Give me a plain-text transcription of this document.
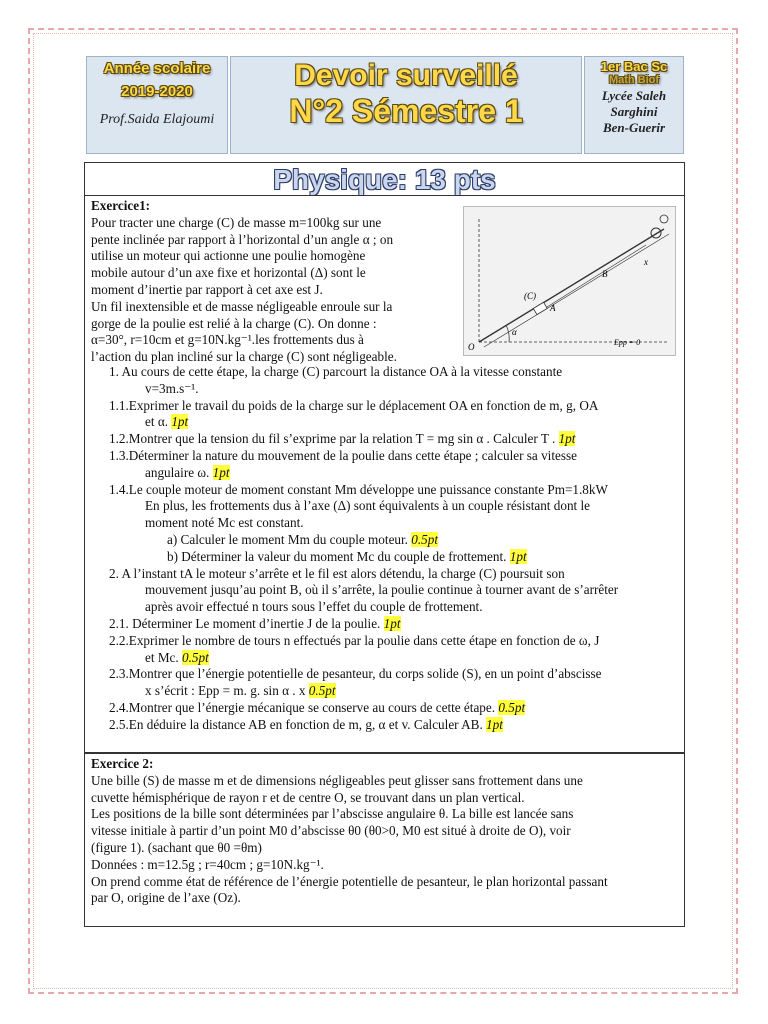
Année scolaire
2019-2020
Prof.Saida Elajoumi
Devoir surveillé
N°2 Sémestre 1
1er Bac Sc
Math Biof
Lycée Saleh
Sarghini
Ben-Guerir
Physique: 13 pts

Exercice1:

Pour tracter une charge (C) de masse m=100kg sur une

pente inclinée par rapport à l’horizontal d’un angle α ; on

utilise un moteur qui actionne une poulie homogène

mobile autour d’un axe fixe et horizontal (Δ) sont le

moment d’inertie par rapport à cet axe est J.

Un fil inextensible et de masse négligeable enroule sur la

gorge de la poulie est relié à la charge (C). On donne :

α=30°, r=10cm et g=10N.kg⁻¹.les frottements dus à

l’action du plan incliné sur la charge (C) sont négligeable.

(C)
A
B
x
O
α
Epp = 0

1. Au cours de cette étape, la charge (C) parcourt la distance OA à la vitesse constante

v=3m.s⁻¹.

1.1.Exprimer le travail du poids de la charge sur le déplacement OA en fonction de m, g, OA

et α. 1pt

1.2.Montrer que la tension du fil s’exprime par la relation T = mg sin α . Calculer T . 1pt

1.3.Déterminer la nature du mouvement de la poulie dans cette étape ; calculer sa vitesse

angulaire ω. 1pt

1.4.Le couple moteur de moment constant Mm développe une puissance constante Pm=1.8kW

En plus, les frottements dus à l’axe (Δ) sont équivalents à un couple résistant dont le

moment noté Mc est constant.

a) Calculer le moment Mm du couple moteur. 0.5pt

b) Déterminer la valeur du moment Mc du couple de frottement. 1pt

2. A l’instant tA le moteur s’arrête et le fil est alors détendu, la charge (C) poursuit son

mouvement jusqu’au point B, où il s’arrête, la poulie continue à tourner avant de s’arrêter

après avoir effectué n tours sous l’effet du couple de frottement.

2.1. Déterminer Le moment d’inertie J de la poulie. 1pt

2.2.Exprimer le nombre de tours n effectués par la poulie dans cette étape en fonction de ω, J

et Mc. 0.5pt

2.3.Montrer que l’énergie potentielle de pesanteur, du corps solide (S), en un point d’abscisse

x s’écrit : Epp = m. g. sin α . x 0.5pt

2.4.Montrer que l’énergie mécanique se conserve au cours de cette étape. 0.5pt

2.5.En déduire la distance AB en fonction de m, g, α et v. Calculer AB. 1pt

Exercice 2:

Une bille (S) de masse m et de dimensions négligeables peut glisser sans frottement dans une

cuvette hémisphérique de rayon r et de centre O, se trouvant dans un plan vertical.

Les positions de la bille sont déterminées par l’abscisse angulaire θ. La bille est lancée sans

vitesse initiale à partir d’un point M0 d’abscisse θ0 (θ0>0, M0 est situé à droite de O), voir

(figure 1). (sachant que θ0 =θm)

Données : m=12.5g ; r=40cm ; g=10N.kg⁻¹.

On prend comme état de référence de l’énergie potentielle de pesanteur, le plan horizontal passant

par O, origine de l’axe (Oz).
